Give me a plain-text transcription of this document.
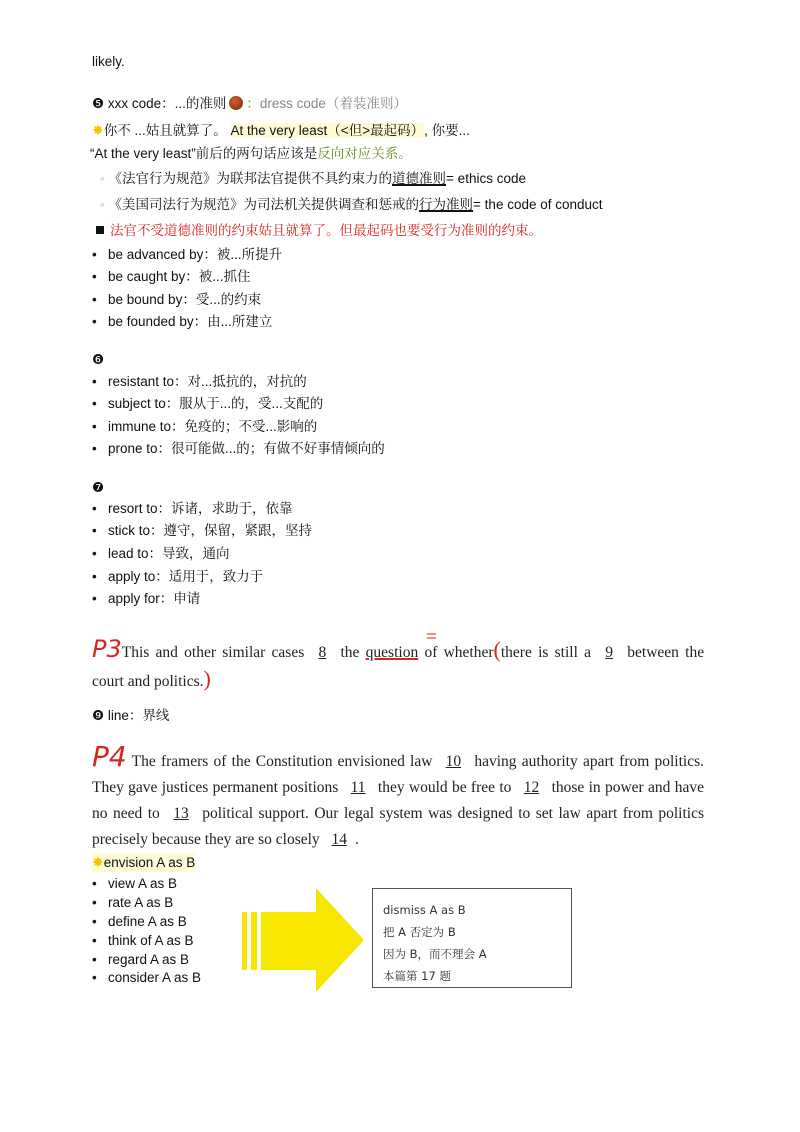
likely.
❺ xxx code：...的准则 ：dress code（着装准则）
✸你不 ...姑且就算了。 At the very least（<但>最起码）, 你要...
“At the very least”前后的两句话应该是反向对应关系。
▪ 《法官行为规范》为联邦法官提供不具约束力的道德准则= ethics code
▪ 《美国司法行为规范》为司法机关提供调查和惩戒的行为准则= the code of conduct
法官不受道德准则的约束姑且就算了。但最起码也要受行为准则的约束。
• be advanced by：被...所提升
• be caught by：被...抓住
• be bound by：受...的约束
• be founded by：由...所建立
❻
• resistant to：对...抵抗的，对抗的
• subject to：服从于...的，受...支配的
• immune to：免疫的；不受...影响的
• prone to：很可能做...的；有做不好事情倾向的
❼
• resort to：诉诸，求助于，依靠
• stick to：遵守，保留，紧跟，坚持
• lead to：导致，通向
• apply to：适用于，致力于
• apply for：申请
P3This and other similar cases 8 the question
=
of whether(there is still a 9 between the court and politics.)
❾ line：界线
P4 The framers of the Constitution envisioned law 10 having authority apart from politics. They gave justices permanent positions 11 they would be free to 12 those in power and have no need to 13 political support. Our legal system was designed to set law apart from politics precisely because they are so closely 14 .
✸envision A as B
• view A as B
• rate A as B
• define A as B
• think of A as B
• regard A as B
• consider A as B
dismiss A as B
把 A 否定为 B
因为 B，而不理会 A
本篇第 17 题
